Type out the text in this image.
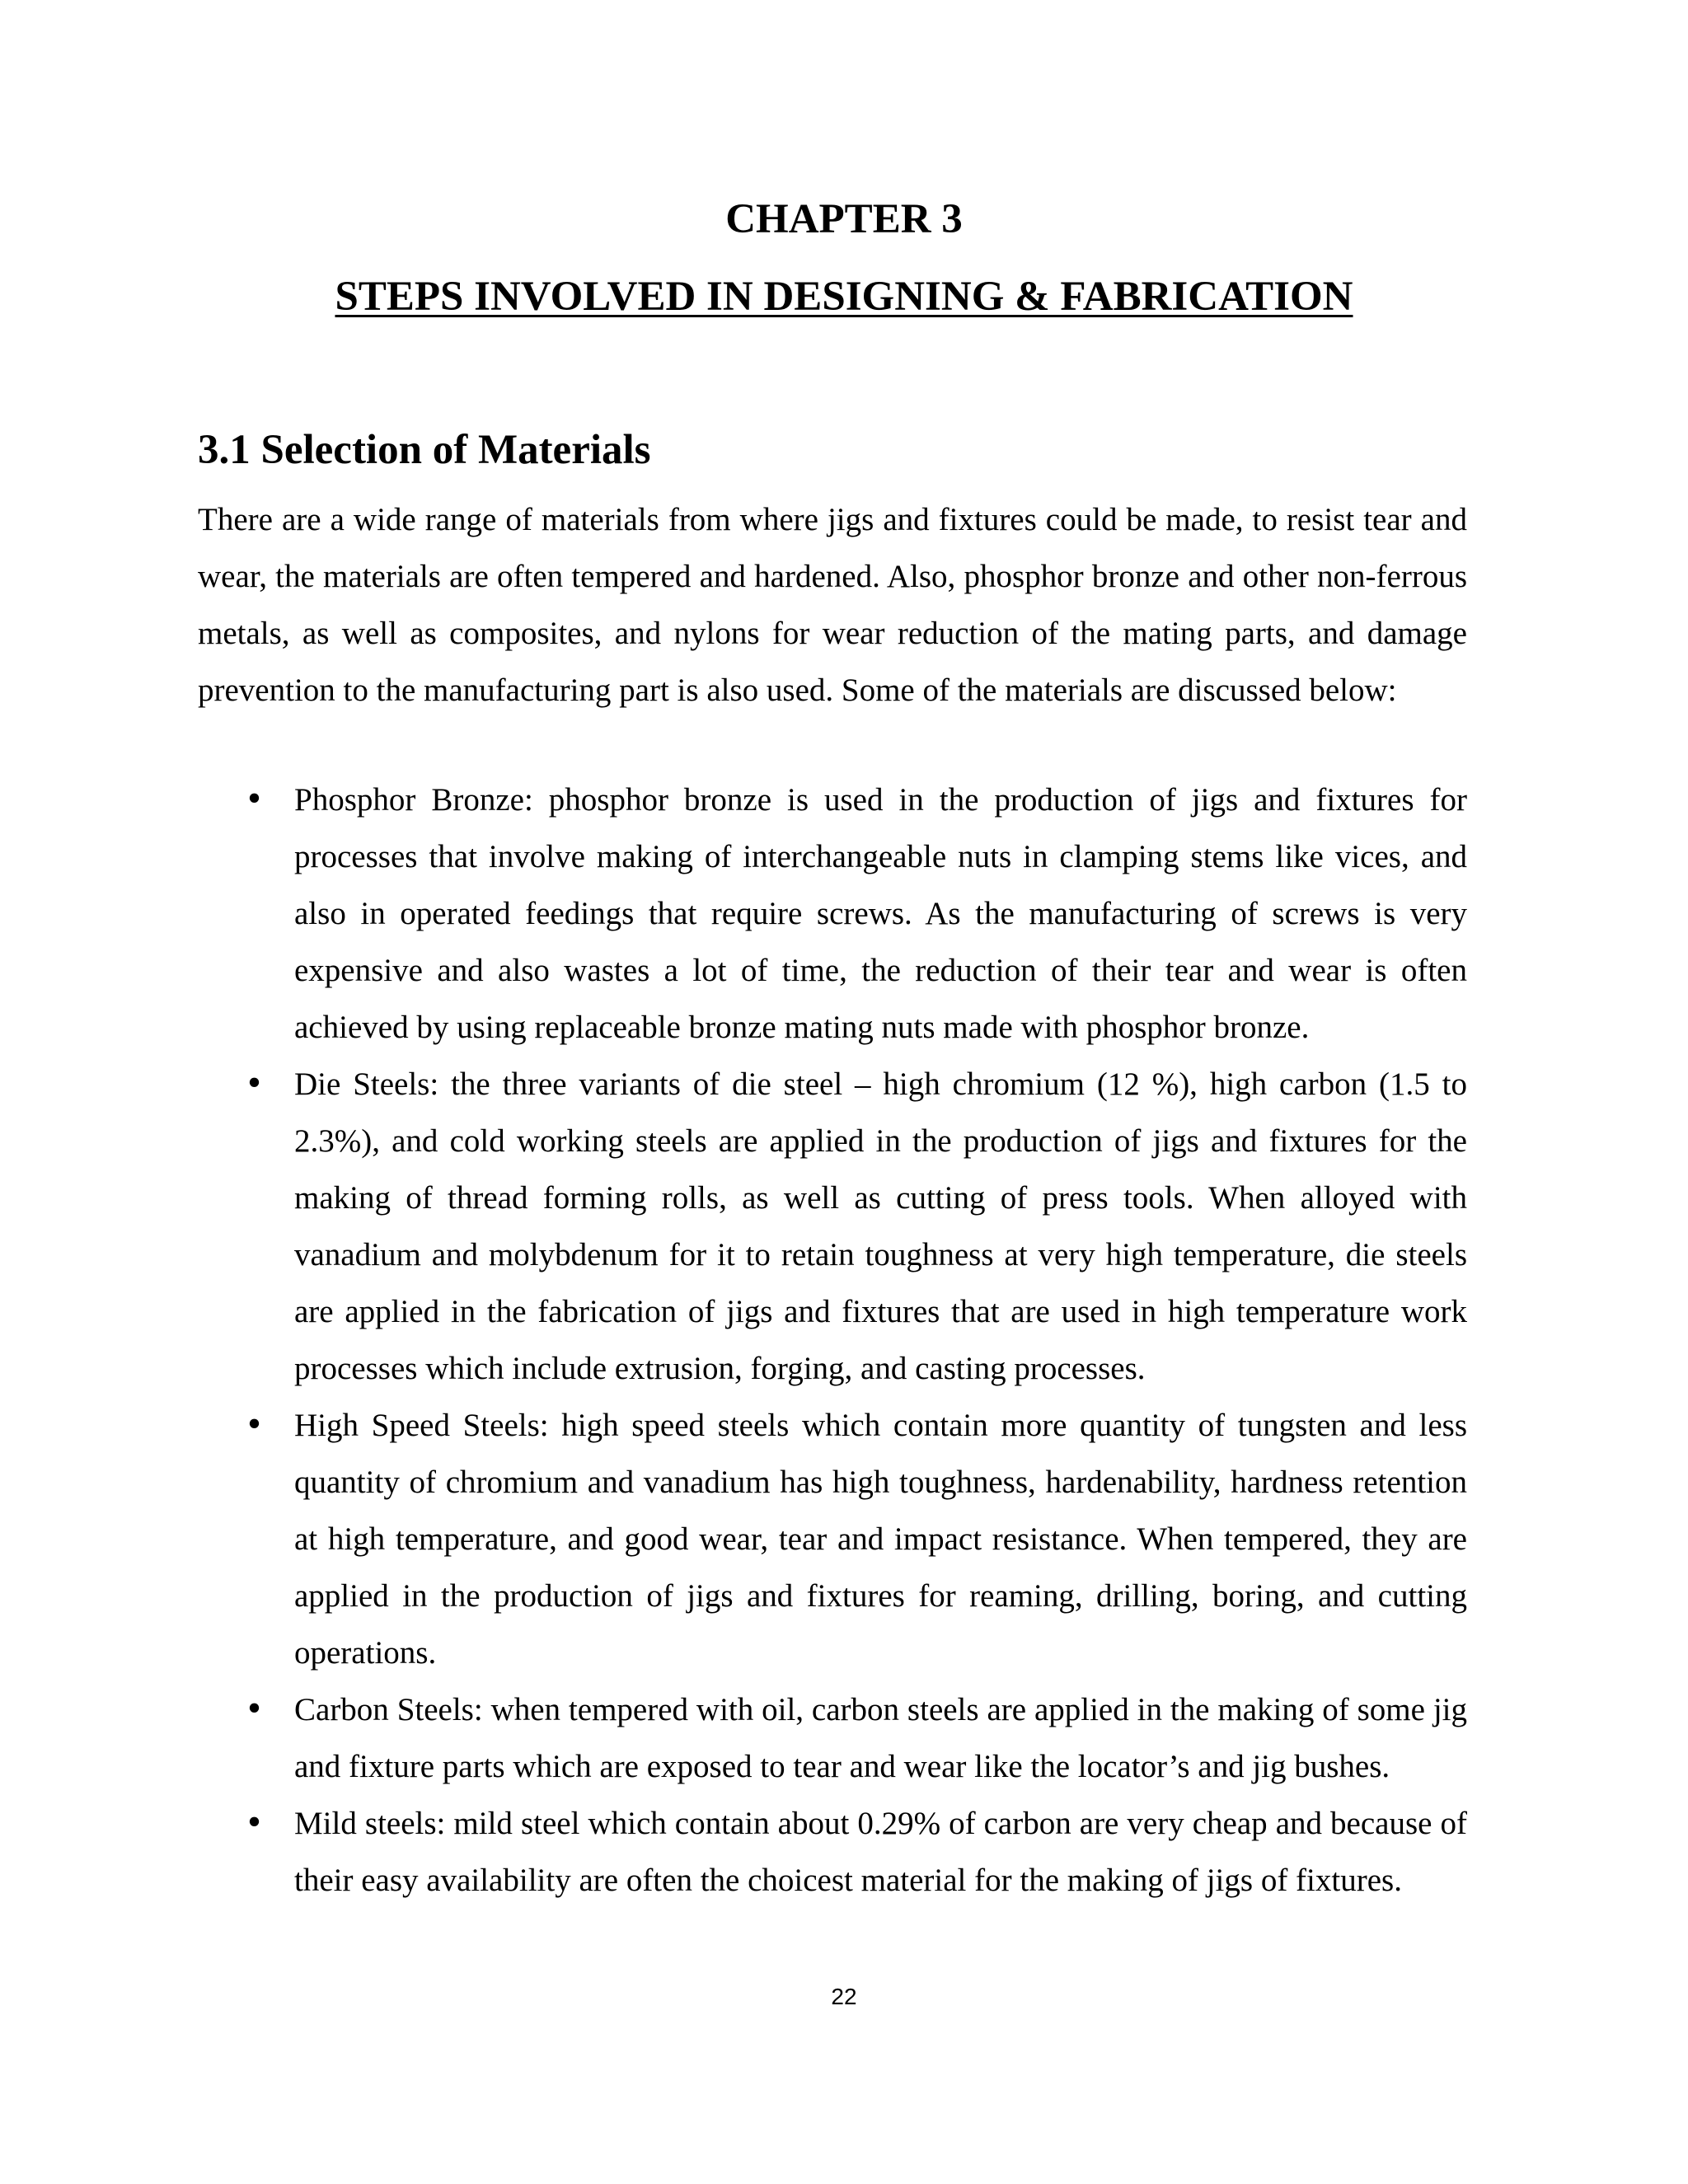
CHAPTER 3
STEPS INVOLVED IN DESIGNING & FABRICATION
3.1 Selection of Materials

There are a wide range of materials from where jigs and fixtures could be made, to resist tear and wear, the materials are often tempered and hardened. Also, phosphor bronze and other non-ferrous metals, as well as composites, and nylons for wear reduction of the mating parts, and damage prevention to the manufacturing part is also used. Some of the materials are discussed below:

• Phosphor Bronze: phosphor bronze is used in the production of jigs and fixtures for processes that involve making of interchangeable nuts in clamping stems like vices, and also in operated feedings that require screws. As the manufacturing of screws is very expensive and also wastes a lot of time, the reduction of their tear and wear is often achieved by using replaceable bronze mating nuts made with phosphor bronze.

• Die Steels: the three variants of die steel – high chromium (12 %), high carbon (1.5 to 2.3%), and cold working steels are applied in the production of jigs and fixtures for the making of thread forming rolls, as well as cutting of press tools. When alloyed with vanadium and molybdenum for it to retain toughness at very high temperature, die steels are applied in the fabrication of jigs and fixtures that are used in high temperature work processes which include extrusion, forging, and casting processes.

• High Speed Steels: high speed steels which contain more quantity of tungsten and less quantity of chromium and vanadium has high toughness, hardenability, hardness retention at high temperature, and good wear, tear and impact resistance. When tempered, they are applied in the production of jigs and fixtures for reaming, drilling, boring, and cutting operations.

• Carbon Steels: when tempered with oil, carbon steels are applied in the making of some jig and fixture parts which are exposed to tear and wear like the locator’s and jig bushes.

• Mild steels: mild steel which contain about 0.29% of carbon are very cheap and because of their easy availability are often the choicest material for the making of jigs of fixtures.

22
